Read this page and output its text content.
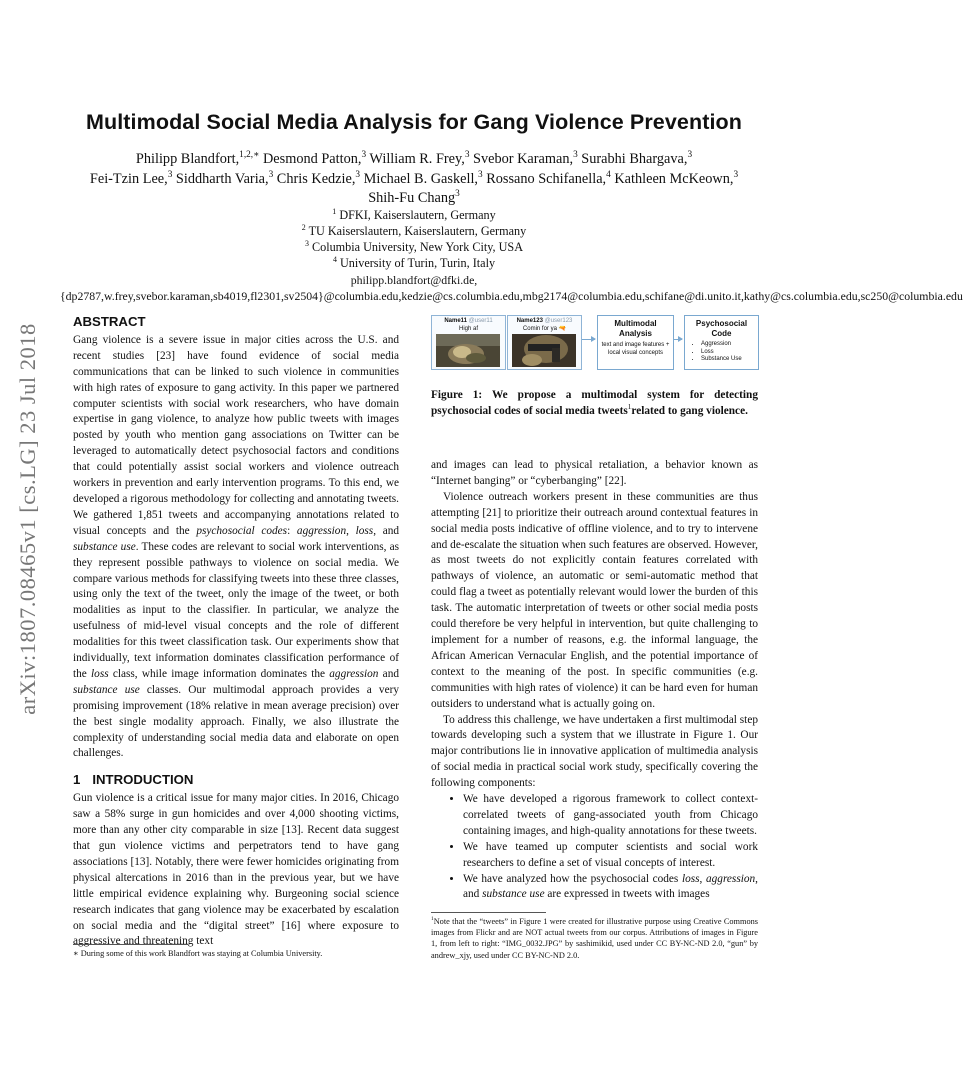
arXiv:1807.08465v1 [cs.LG] 23 Jul 2018
Multimodal Social Media Analysis for Gang Violence Prevention
Philipp Blandfort,$^{1,2,∗}$ Desmond Patton,$^3$ William R. Frey,$^3$ Svebor Karaman,$^3$ Surabhi Bhargava,$^3$
Fei-Tzin Lee,$^3$ Siddharth Varia,$^3$ Chris Kedzie,$^3$ Michael B. Gaskell,$^3$ Rossano Schifanella,$^4$ Kathleen McKeown,$^3$ Shih-Fu Chang$^3$
$^1$ DFKI, Kaiserslautern, Germany
$^2$ TU Kaiserslautern, Kaiserslautern, Germany
$^3$ Columbia University, New York City, USA
$^4$ University of Turin, Turin, Italy
philipp.blandfort@dfki.de,{dp2787,w.frey,svebor.karaman,sb4019,fl2301,sv2504}@columbia.edu,kedzie@cs.columbia.edu,mbg2174@columbia.edu,schifane@di.unito.it,kathy@cs.columbia.edu,sc250@columbia.edu
ABSTRACT

Gang violence is a severe issue in major cities across the U.S. and recent studies [23] have found evidence of social media communications that can be linked to such violence in communities with high rates of exposure to gang activity. In this paper we partnered computer scientists with social work researchers, who have domain expertise in gang violence, to analyze how public tweets with images posted by youth who mention gang associations on Twitter can be leveraged to automatically detect psychosocial factors and conditions that could potentially assist social workers and violence outreach workers in prevention and early intervention programs. To this end, we developed a rigorous methodology for collecting and annotating tweets. We gathered 1,851 tweets and accompanying annotations related to visual concepts and the psychosocial codes: aggression, loss, and substance use. These codes are relevant to social work interventions, as they represent possible pathways to violence on social media. We compare various methods for classifying tweets into these three classes, using only the text of the tweet, only the image of the tweet, or both modalities as input to the classifier. In particular, we analyze the usefulness of mid-level visual concepts and the role of different modalities for this tweet classification task. Our experiments show that individually, text information dominates classification performance of the loss class, while image information dominates the aggression and substance use classes. Our multimodal approach provides a very promising improvement (18% relative in mean average precision) over the best single modality approach. Finally, we also illustrate the complexity of understanding social media data and elaborate on open challenges.

1 INTRODUCTION

Gun violence is a critical issue for many major cities. In 2016, Chicago saw a 58% surge in gun homicides and over 4,000 shooting victims, more than any other city comparable in size [13]. Recent data suggest that gun violence victims and perpetrators tend to have gang associations [13]. Notably, there were fewer homicides originating from physical altercations in 2016 than in the previous year, but we have little empirical evidence explaining why. Burgeoning social science research indicates that gang violence may be exacerbated by escalation on social media and the “digital street” [16] where exposure to aggressive and threatening text

∗ During some of this work Blandfort was staying at Columbia University.
Name11 @user11
High af
Name123 @user123
Comin for ya 🔫
Multimodal Analysis
text and image features + local visual concepts
Psychosocial Code
• Aggression
• Loss
• Substance Use
Figure 1: We propose a multimodal system for detecting psychosocial codes of social media tweets$^1$related to gang violence.

and images can lead to physical retaliation, a behavior known as “Internet banging” or “cyberbanging” [22].

Violence outreach workers present in these communities are thus attempting [21] to prioritize their outreach around contextual features in social media posts indicative of offline violence, and to try to intervene and de-escalate the situation when such features are observed. However, as most tweets do not explicitly contain features correlated with pathways of violence, an automatic or semi-automatic method that could flag a tweet as potentially relevant would lower the burden of this task. The automatic interpretation of tweets or other social media posts could therefore be very helpful in intervention, but quite challenging to implement for a number of reasons, e.g. the informal language, the African American Vernacular English, and the potential importance of context to the meaning of the post. In specific communities (e.g. communities with high rates of violence) it can be hard even for human outsiders to understand what is actually going on.

To address this challenge, we have undertaken a first multimodal step towards developing such a system that we illustrate in Figure 1. Our major contributions lie in innovative application of multimedia analysis of social media in practical social work study, specifically covering the following components:

• We have developed a rigorous framework to collect context-correlated tweets of gang-associated youth from Chicago containing images, and high-quality annotations for these tweets.
• We have teamed up computer scientists and social work researchers to define a set of visual concepts of interest.
• We have analyzed how the psychosocial codes loss, aggression, and substance use are expressed in tweets with images
$^1$Note that the “tweets” in Figure 1 were created for illustrative purpose using Creative Commons images from Flickr and are NOT actual tweets from our corpus. Attributions of images in Figure 1, from left to right: “IMG_0032.JPG” by sashimikid, used under CC BY-NC-ND 2.0, “gun” by andrew_xjy, used under CC BY-NC-ND 2.0.
